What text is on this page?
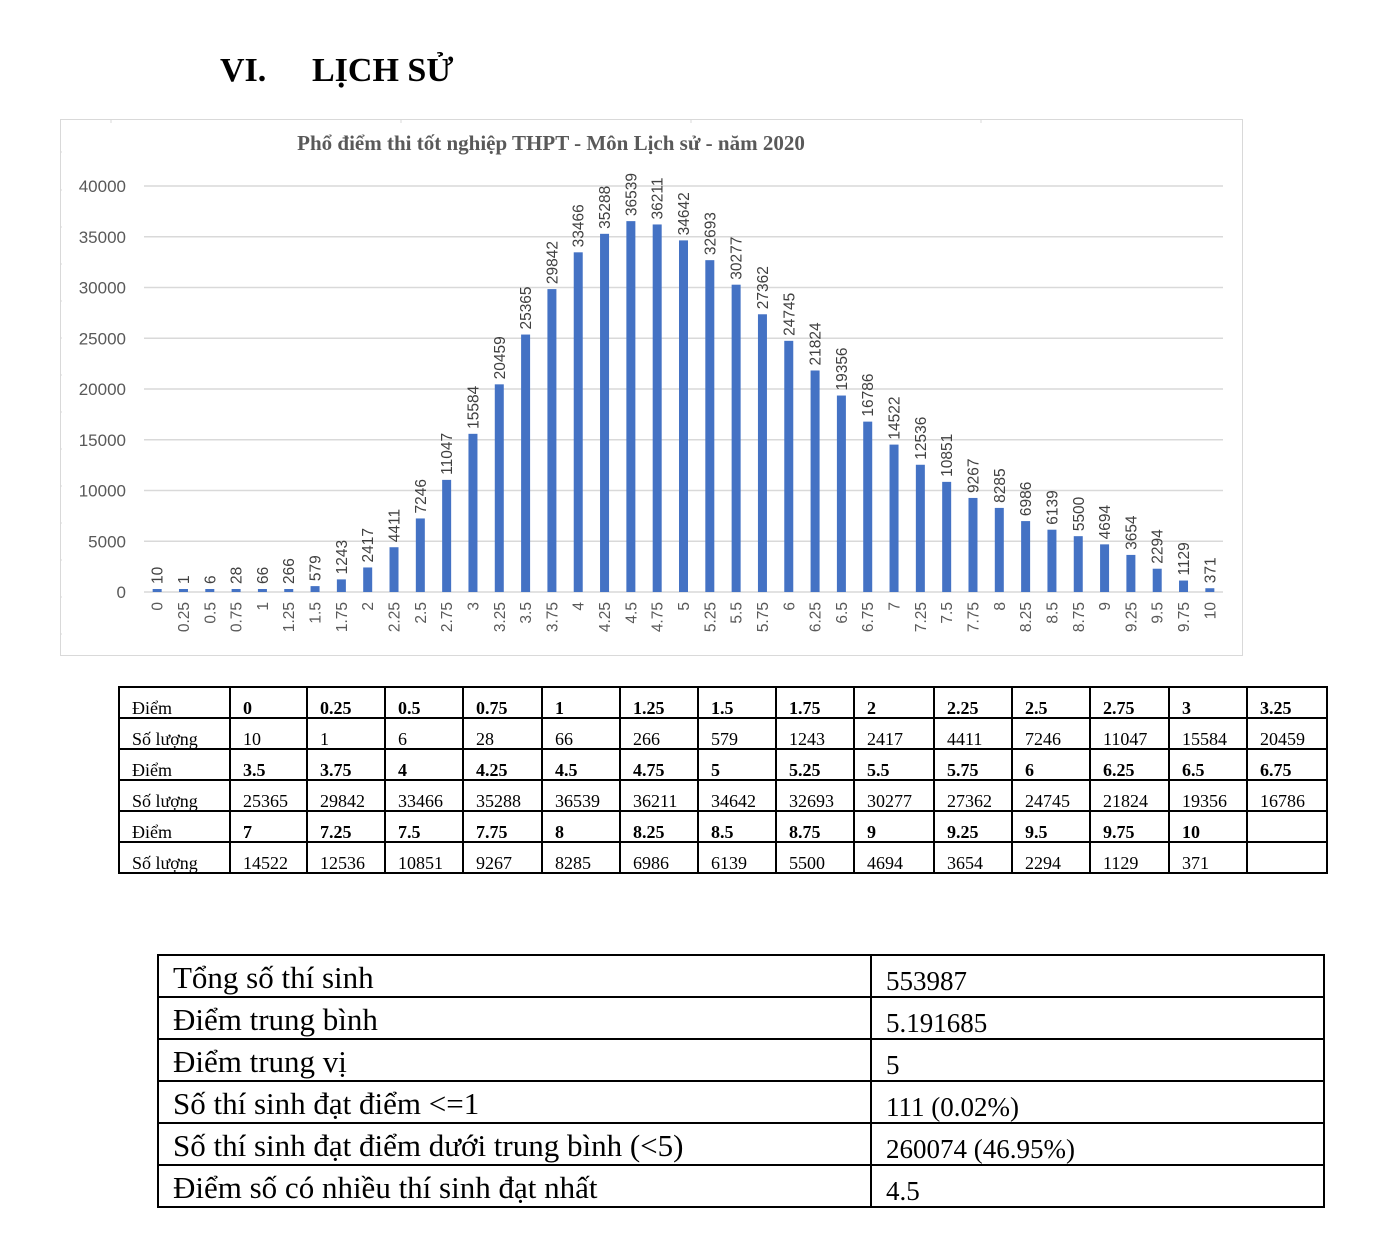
VI. LỊCH SỬ
Phổ điểm thi tốt nghiệp THPT - Môn Lịch sử - năm 2020
0
5000
10000
15000
20000
25000
30000
35000
40000
10
0
1
0.25
6
0.5
28
0.75
66
1
266
1.25
579
1.5
1243
1.75
2417
2
4411
2.25
7246
2.5
11047
2.75
15584
3
20459
3.25
25365
3.5
29842
3.75
33466
4
35288
4.25
36539
4.5
36211
4.75
34642
5
32693
5.25
30277
5.5
27362
5.75
24745
6
21824
6.25
19356
6.5
16786
6.75
14522
7
12536
7.25
10851
7.5
9267
7.75
8285
8
6986
8.25
6139
8.5
5500
8.75
4694
9
3654
9.25
2294
9.5
1129
9.75
371
10
Điểm	0	0.25	0.5	0.75	1	1.25	1.5	1.75	2	2.25	2.5	2.75	3	3.25
Số lượng	10	1	6	28	66	266	579	1243	2417	4411	7246	11047	15584	20459
Điểm	3.5	3.75	4	4.25	4.5	4.75	5	5.25	5.5	5.75	6	6.25	6.5	6.75
Số lượng	25365	29842	33466	35288	36539	36211	34642	32693	30277	27362	24745	21824	19356	16786
Điểm	7	7.25	7.5	7.75	8	8.25	8.5	8.75	9	9.25	9.5	9.75	10	
Số lượng	14522	12536	10851	9267	8285	6986	6139	5500	4694	3654	2294	1129	371	
Tổng số thí sinh	553987
Điểm trung bình	5.191685
Điểm trung vị	5
Số thí sinh đạt điểm <=1	111 (0.02%)
Số thí sinh đạt điểm dưới trung bình (<5)	260074 (46.95%)
Điểm số có nhiều thí sinh đạt nhất	4.5
